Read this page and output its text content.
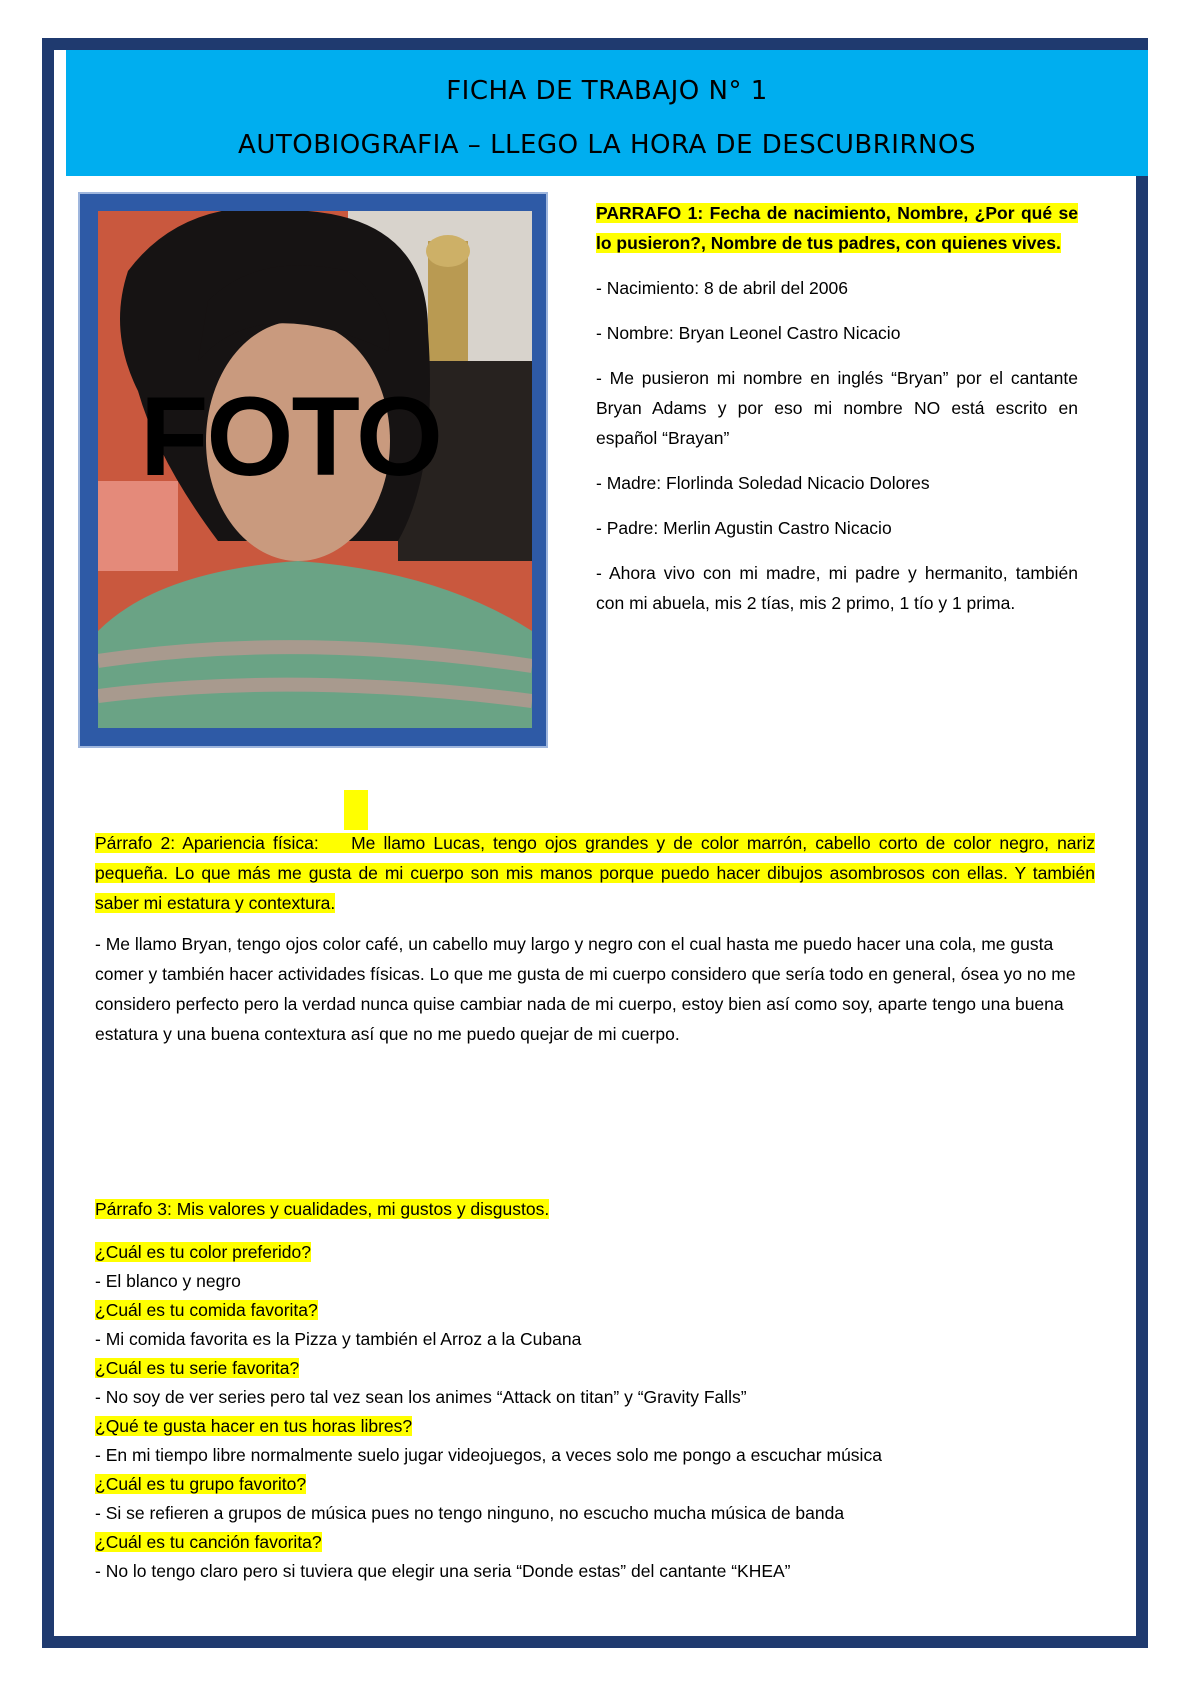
FICHA DE TRABAJO N° 1
AUTOBIOGRAFIA – LLEGO LA HORA DE DESCUBRIRNOS
FOTO

PARRAFO 1: Fecha de nacimiento, Nombre, ¿Por qué se lo pusieron?, Nombre de tus padres, con quienes vives.

- Nacimiento: 8 de abril del 2006

- Nombre: Bryan Leonel Castro Nicacio

- Me pusieron mi nombre en inglés “Bryan” por el cantante Bryan Adams y por eso mi nombre NO está escrito en español “Brayan”

- Madre: Florlinda Soledad Nicacio Dolores

- Padre: Merlin Agustin Castro Nicacio

- Ahora vivo con mi madre, mi padre y hermanito, también con mi abuela, mis 2 tías, mis 2 primo, 1 tío y 1 prima.

Párrafo 2: Apariencia física: Me llamo Lucas, tengo ojos grandes y de color marrón, cabello corto de color negro, nariz pequeña. Lo que más me gusta de mi cuerpo son mis manos porque puedo hacer dibujos asombrosos con ellas. Y también saber mi estatura y contextura.

- Me llamo Bryan, tengo ojos color café, un cabello muy largo y negro con el cual hasta me puedo hacer una cola, me gusta comer y también hacer actividades físicas. Lo que me gusta de mi cuerpo considero que sería todo en general, ósea yo no me considero perfecto pero la verdad nunca quise cambiar nada de mi cuerpo, estoy bien así como soy, aparte tengo una buena estatura y una buena contextura así que no me puedo quejar de mi cuerpo.

Párrafo 3: Mis valores y cualidades, mi gustos y disgustos.

¿Cuál es tu color preferido?
- El blanco y negro
¿Cuál es tu comida favorita?
- Mi comida favorita es la Pizza y también el Arroz a la Cubana
¿Cuál es tu serie favorita?
- No soy de ver series pero tal vez sean los animes “Attack on titan” y “Gravity Falls”
¿Qué te gusta hacer en tus horas libres?
- En mi tiempo libre normalmente suelo jugar videojuegos, a veces solo me pongo a escuchar música
¿Cuál es tu grupo favorito?
- Si se refieren a grupos de música pues no tengo ninguno, no escucho mucha música de banda
¿Cuál es tu canción favorita?
- No lo tengo claro pero si tuviera que elegir una seria “Donde estas” del cantante “KHEA”
